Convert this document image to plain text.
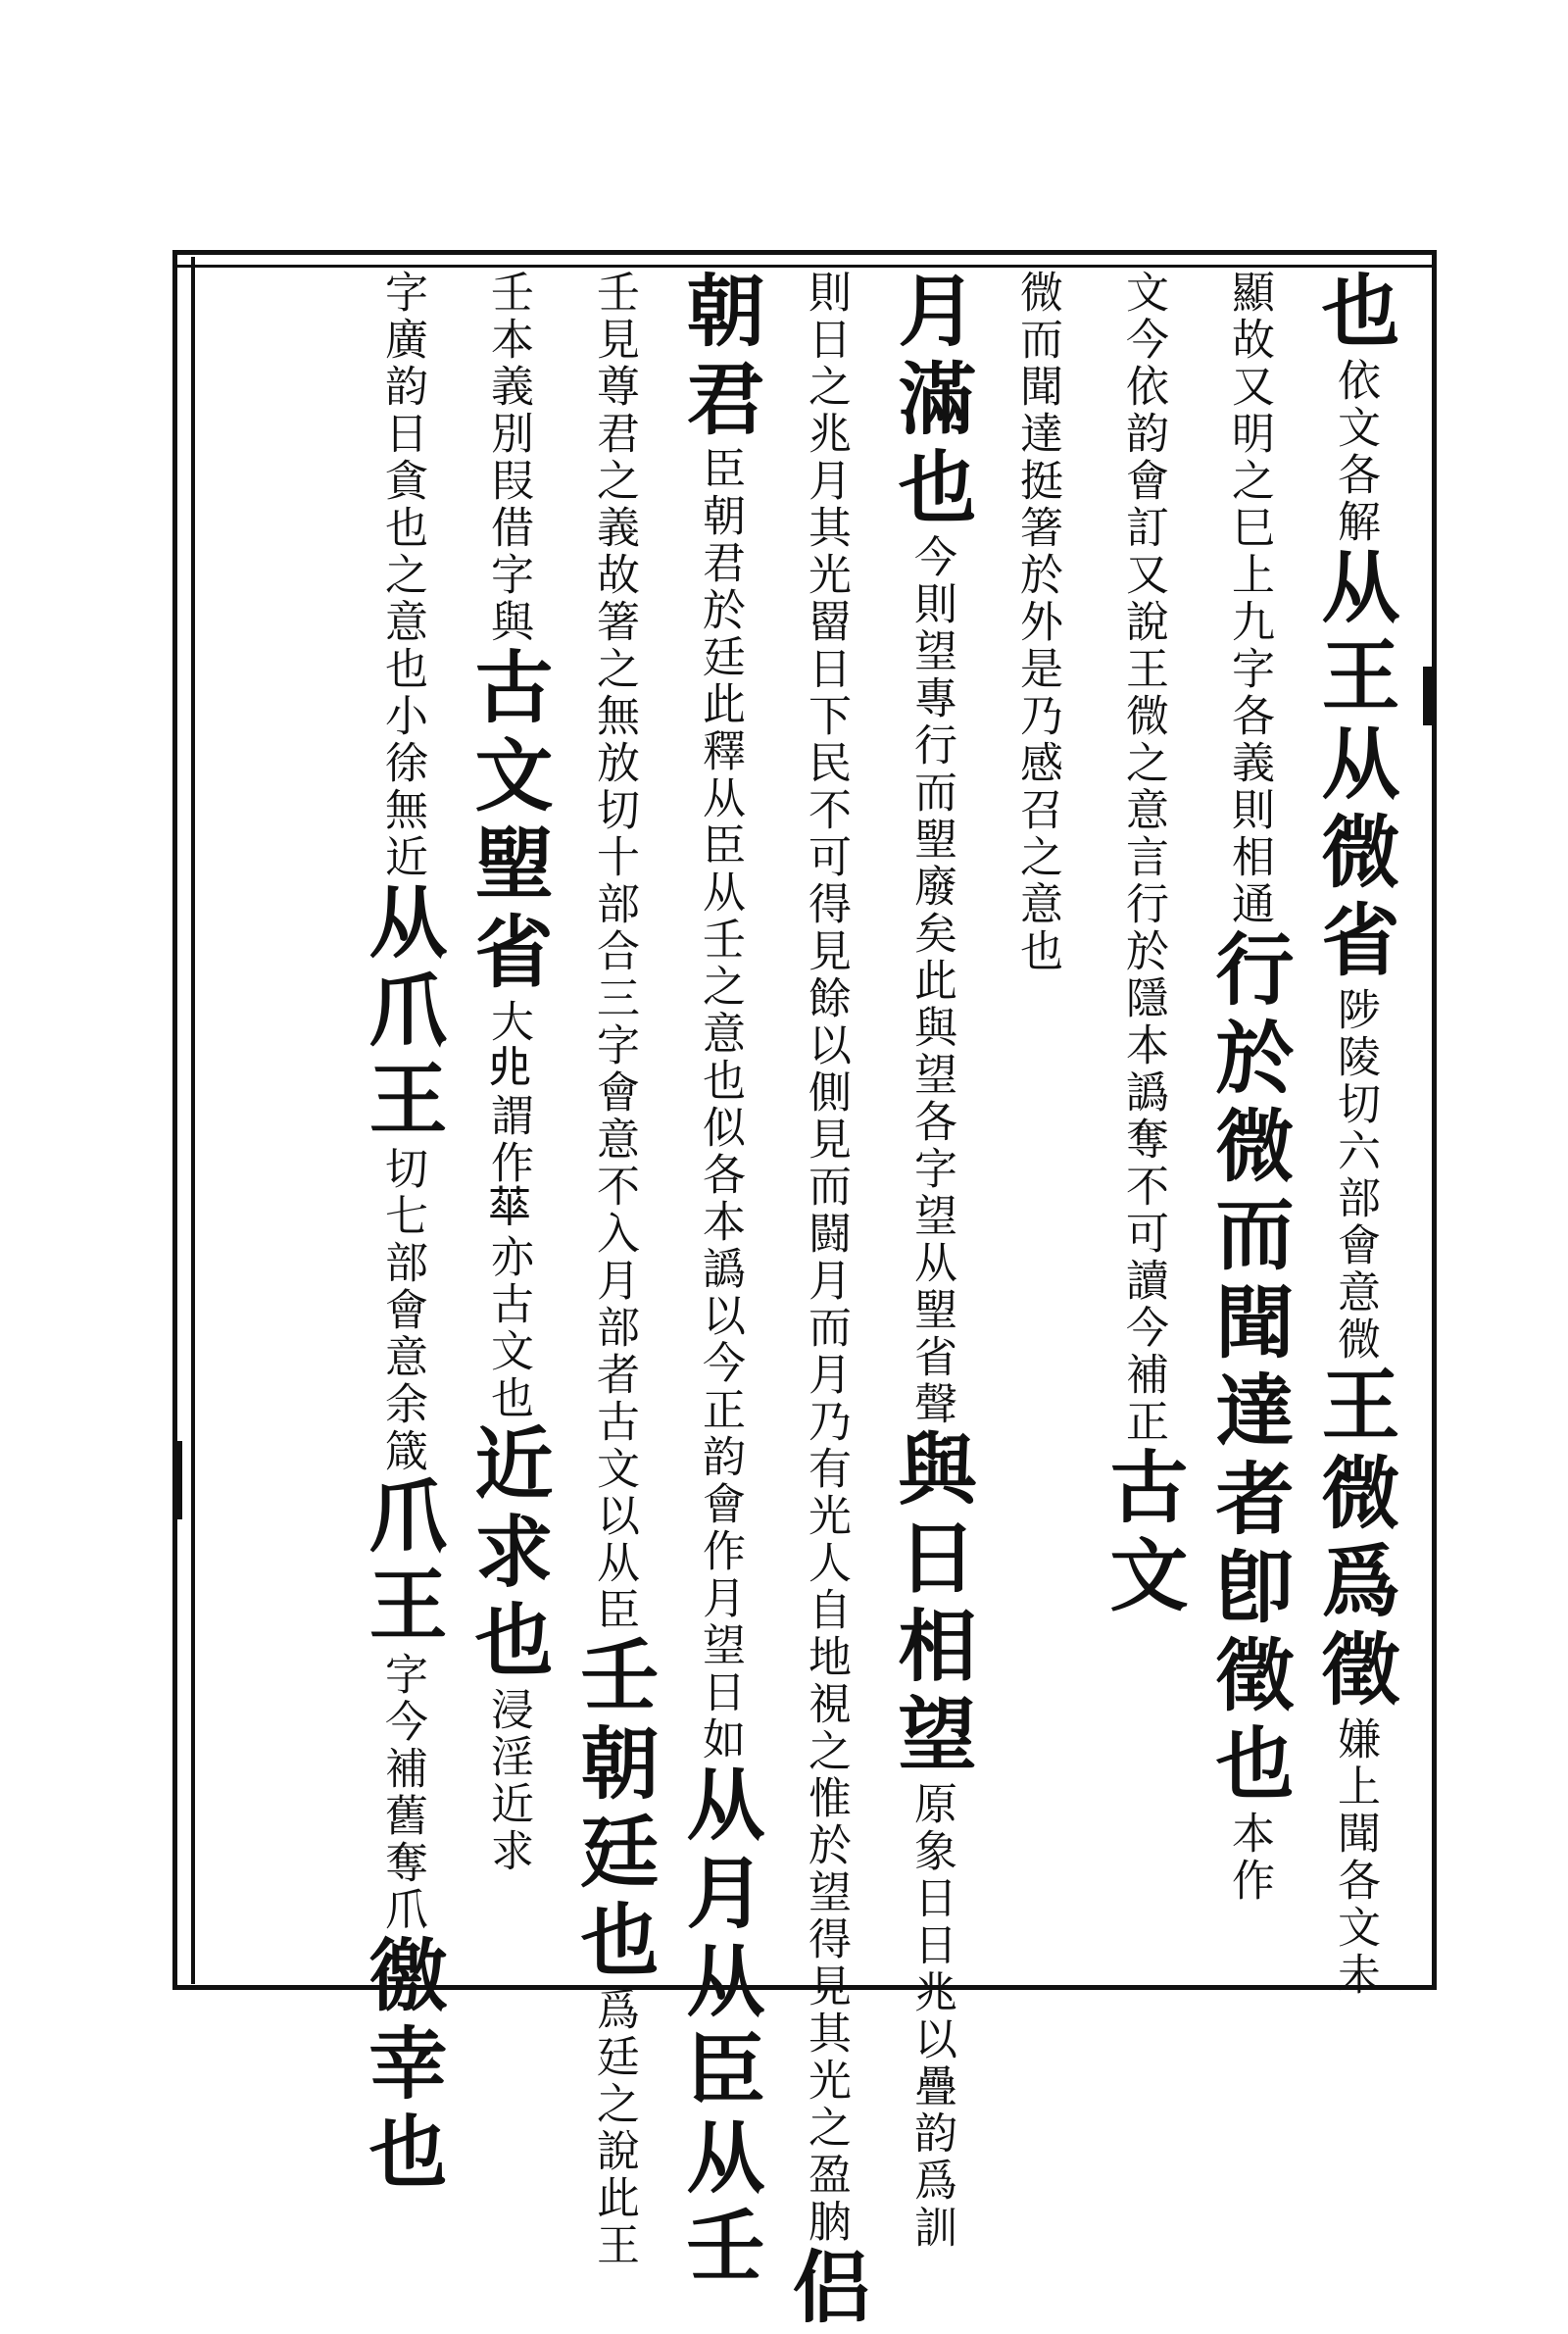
也
依文各解
从王从微省
會意微
陟陵切六部
王微爲徵
聞各文未
嫌上
義則相通
顯故又明之巳上九字各
行於微而聞達者卽徵也
本作
本譌奪不可讀今補正
文今依韵會訂又說王微之意言行於隱
古文
微而聞達挺箸於外是乃感召之意也
月滿也
此與望各字望从朢省聲
今則望專行而朢廢矣
與日相望
以疊韵爲訓
原象日日兆
月而月乃有光人自地視之惟於望得見其光之盈朒
則日之兆月其光罶日下民不可得見餘以側見而闘
侣
朝君
似各本譌以今正韵會作月望日如
臣朝君於廷此釋从臣从壬之意也
从月从臣从壬
合三字會意不入月部者古文以从臣
壬見尊君之義故箸之無放切十部
壬朝廷也
說此王
爲廷之
叚借字與
壬本義別
古文朢省
亦古文也
大𠑹謂作𦶎
近求也
近求
浸淫
之意也小徐無近
字廣韵日貪也
从爪王
會意余箴
切七部
爪王
舊奪爪
字今補
徼幸也
